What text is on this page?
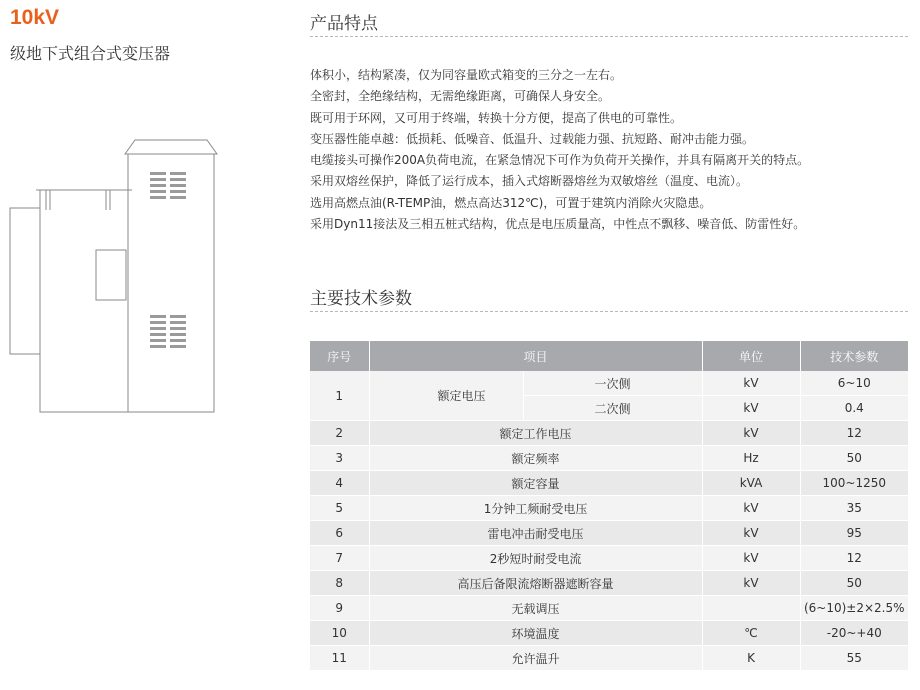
10kV
级地下式组合式变压器
产品特点
体积小，结构紧凑，仅为同容量欧式箱变的三分之一左右。
全密封，全绝缘结构，无需绝缘距离，可确保人身安全。
既可用于环网，又可用于终端，转换十分方便，提高了供电的可靠性。
变压器性能卓越：低损耗、低噪音、低温升、过载能力强、抗短路、耐冲击能力强。
电缆接头可操作200A负荷电流，在紧急情况下可作为负荷开关操作，并具有隔离开关的特点。
采用双熔丝保护，降低了运行成本，插入式熔断器熔丝为双敏熔丝（温度、电流）。
选用高燃点油(R-TEMP油，燃点高达312℃)，可置于建筑内消除火灾隐患。
采用Dyn11接法及三相五桩式结构，优点是电压质量高，中性点不飘移、噪音低、防雷性好。
主要技术参数
序号	项目		单位	技术参数
1	额定电压	一次侧	kV	6~10
		二次侧	kV	0.4
2	额定工作电压		kV	12
3	额定频率		Hz	50
4	额定容量		kVA	100~1250
5	1分钟工频耐受电压		kV	35
6	雷电冲击耐受电压		kV	95
7	2秒短时耐受电流		kV	12
8	高压后备限流熔断器遮断容量		kV	50
9	无载调压			(6~10)±2×2.5%
10	环境温度		℃	-20~+40
11	允许温升		K	55
